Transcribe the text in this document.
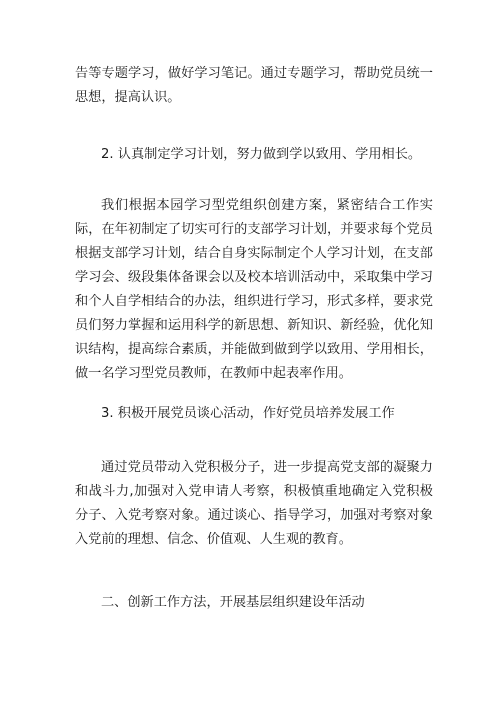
告等专题学习，做好学习笔记。通过专题学习，帮助党员统一思想，提高认识。

2. 认真制定学习计划，努力做到学以致用、学用相长。

我们根据本园学习型党组织创建方案，紧密结合工作实际，在年初制定了切实可行的支部学习计划，并要求每个党员根据支部学习计划，结合自身实际制定个人学习计划，在支部学习会、级段集体备课会以及校本培训活动中，采取集中学习和个人自学相结合的办法，组织进行学习，形式多样，要求党员们努力掌握和运用科学的新思想、新知识、新经验，优化知识结构，提高综合素质，并能做到做到学以致用、学用相长，做一名学习型党员教师，在教师中起表率作用。

3. 积极开展党员谈心活动，作好党员培养发展工作

通过党员带动入党积极分子，进一步提高党支部的凝聚力和战斗力,加强对入党申请人考察，积极慎重地确定入党积极分子、入党考察对象。通过谈心、指导学习，加强对考察对象入党前的理想、信念、价值观、人生观的教育。

二、创新工作方法，开展基层组织建设年活动
